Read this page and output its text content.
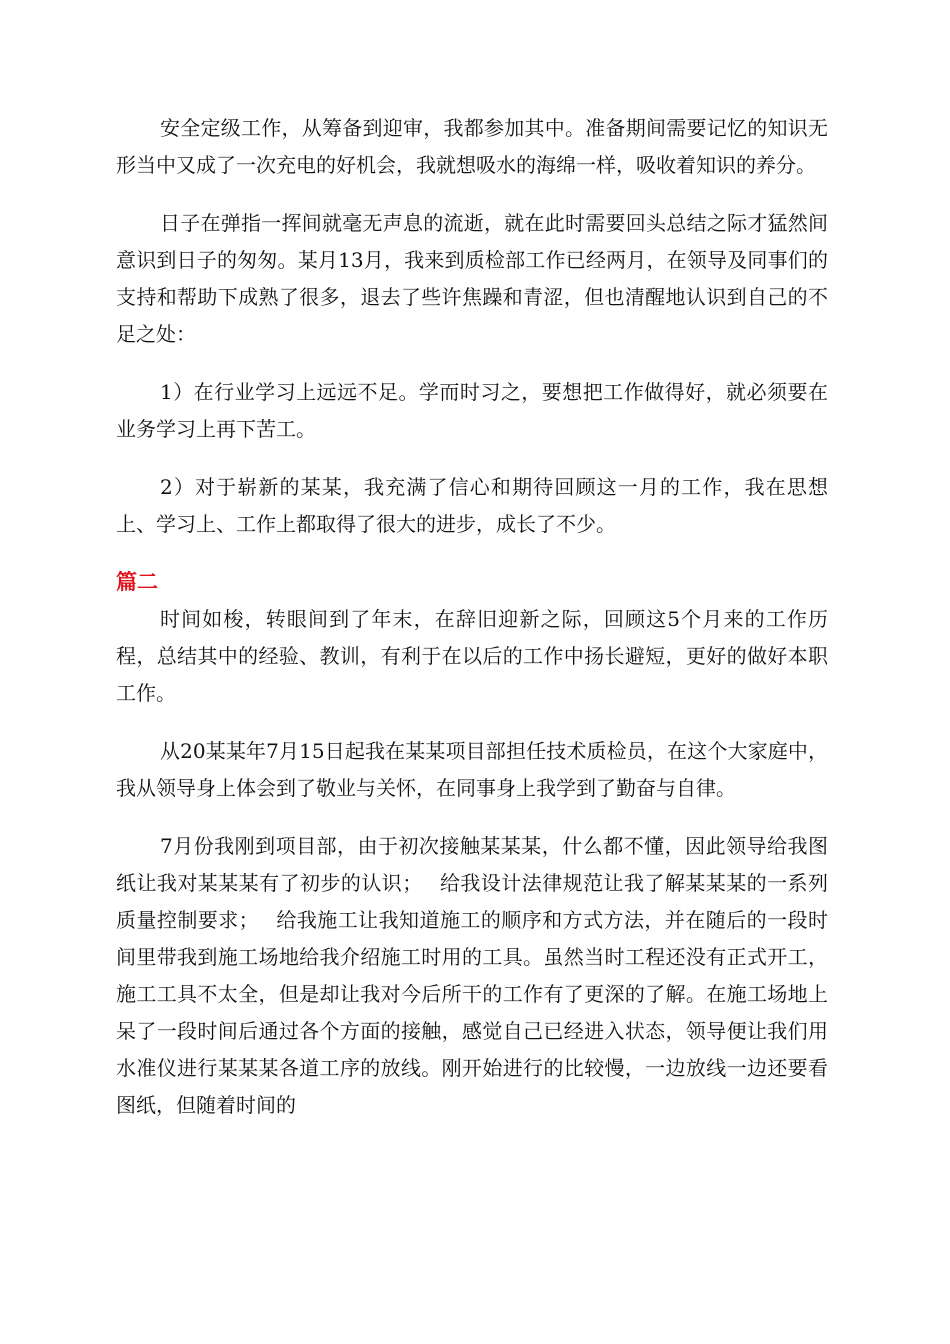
安全定级工作，从筹备到迎审，我都参加其中。准备期间需要记忆的知识无形当中又成了一次充电的好机会，我就想吸水的海绵一样，吸收着知识的养分。

日子在弹指一挥间就毫无声息的流逝，就在此时需要回头总结之际才猛然间意识到日子的匆匆。某月13月，我来到质检部工作已经两月，在领导及同事们的支持和帮助下成熟了很多，退去了些许焦躁和青涩，但也清醒地认识到自己的不足之处：

1）在行业学习上远远不足。学而时习之，要想把工作做得好，就必须要在业务学习上再下苦工。

2）对于崭新的某某，我充满了信心和期待回顾这一月的工作，我在思想上、学习上、工作上都取得了很大的进步，成长了不少。

篇二

时间如梭，转眼间到了年末，在辞旧迎新之际，回顾这5个月来的工作历程，总结其中的经验、教训，有利于在以后的工作中扬长避短，更好的做好本职工作。

从20某某年7月15日起我在某某项目部担任技术质检员，在这个大家庭中，我从领导身上体会到了敬业与关怀，在同事身上我学到了勤奋与自律。

7月份我刚到项目部，由于初次接触某某某，什么都不懂，因此领导给我图纸让我对某某某有了初步的认识；　 给我设计法律规范让我了解某某某的一系列质量控制要求；　 给我施工让我知道施工的顺序和方式方法，并在随后的一段时间里带我到施工场地给我介绍施工时用的工具。虽然当时工程还没有正式开工，施工工具不太全，但是却让我对今后所干的工作有了更深的了解。在施工场地上呆了一段时间后通过各个方面的接触，感觉自己已经进入状态，领导便让我们用水准仪进行某某某各道工序的放线。刚开始进行的比较慢，一边放线一边还要看图纸，但随着时间的
